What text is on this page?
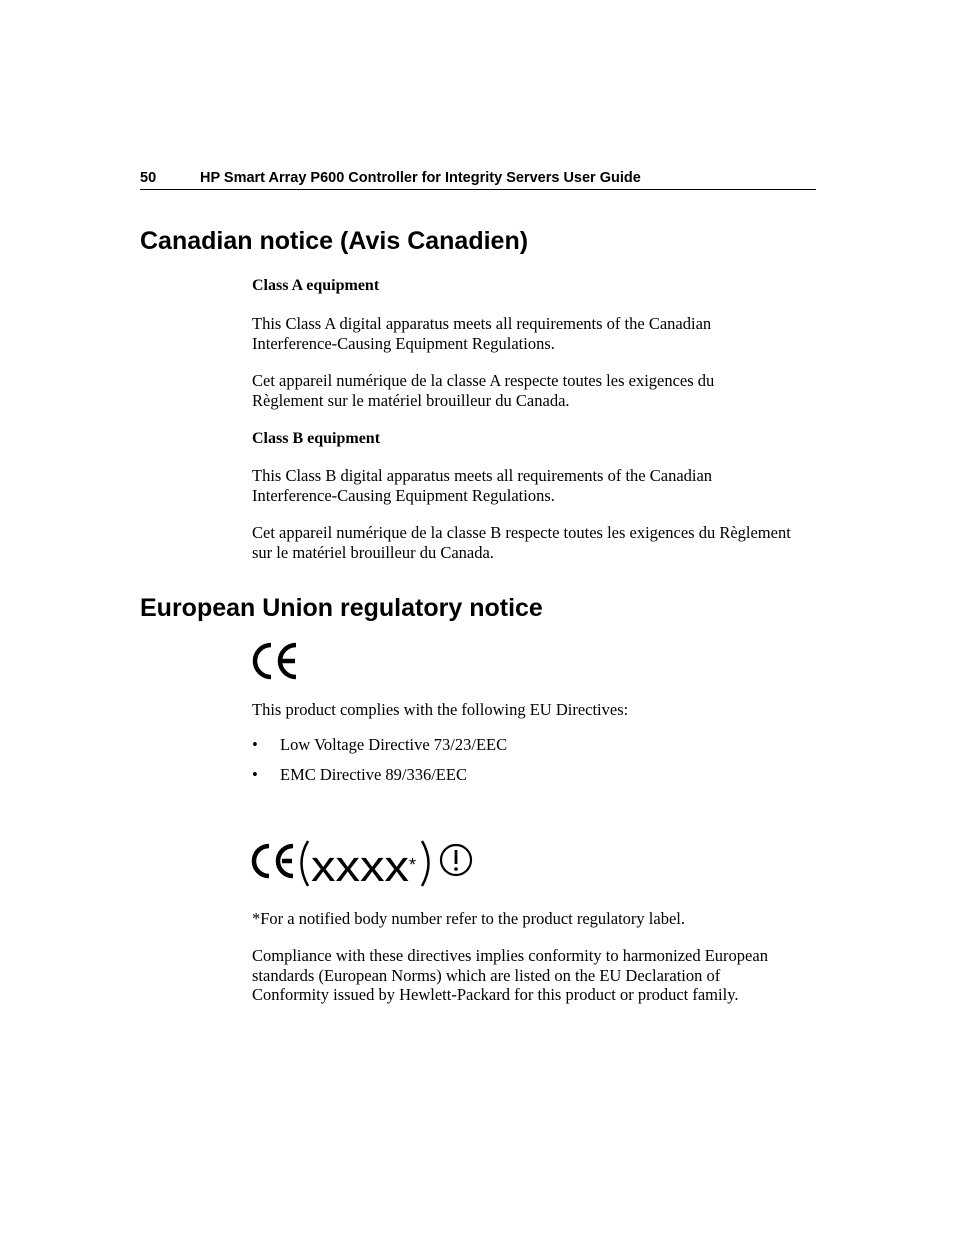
50	HP Smart Array P600 Controller for Integrity Servers User Guide
Canadian notice (Avis Canadien)
Class A equipment
This Class A digital apparatus meets all requirements of the Canadian
Interference-Causing Equipment Regulations.
Cet appareil numérique de la classe A respecte toutes les exigences du
Règlement sur le matériel brouilleur du Canada.
Class B equipment
This Class B digital apparatus meets all requirements of the Canadian
Interference-Causing Equipment Regulations.
Cet appareil numérique de la classe B respecte toutes les exigences du Règlement
sur le matériel brouilleur du Canada.
European Union regulatory notice
This product complies with the following EU Directives:
• Low Voltage Directive 73/23/EEC
• EMC Directive 89/336/EEC
xxxx *
*For a notified body number refer to the product regulatory label.
Compliance with these directives implies conformity to harmonized European
standards (European Norms) which are listed on the EU Declaration of
Conformity issued by Hewlett-Packard for this product or product family.
